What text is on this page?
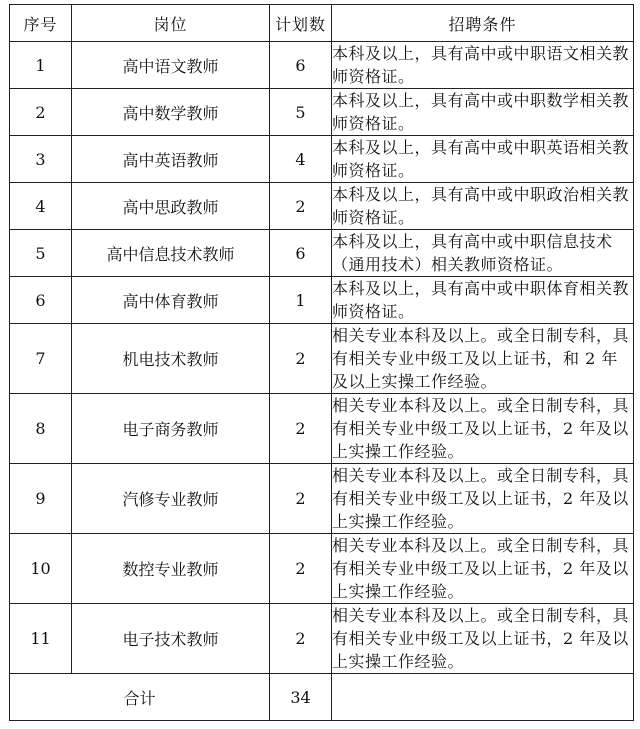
序号	岗位	计划数	招聘条件
1	高中语文教师	6	本科及以上，具有高中或中职语文相关教师资格证。
2	高中数学教师	5	本科及以上，具有高中或中职数学相关教师资格证。
3	高中英语教师	4	本科及以上，具有高中或中职英语相关教师资格证。
4	高中思政教师	2	本科及以上，具有高中或中职政治相关教师资格证。
5	高中信息技术教师	6	本科及以上，具有高中或中职信息技术（通用技术）相关教师资格证。
6	高中体育教师	1	本科及以上，具有高中或中职体育相关教师资格证。
7	机电技术教师	2	相关专业本科及以上。或全日制专科，具有相关专业中级工及以上证书，和 2 年及以上实操工作经验。
8	电子商务教师	2	相关专业本科及以上。或全日制专科，具有相关专业中级工及以上证书，2 年及以上实操工作经验。
9	汽修专业教师	2	相关专业本科及以上。或全日制专科，具有相关专业中级工及以上证书，2 年及以上实操工作经验。
10	数控专业教师	2	相关专业本科及以上。或全日制专科，具有相关专业中级工及以上证书，2 年及以上实操工作经验。
11	电子技术教师	2	相关专业本科及以上。或全日制专科，具有相关专业中级工及以上证书，2 年及以上实操工作经验。
合计		34	
